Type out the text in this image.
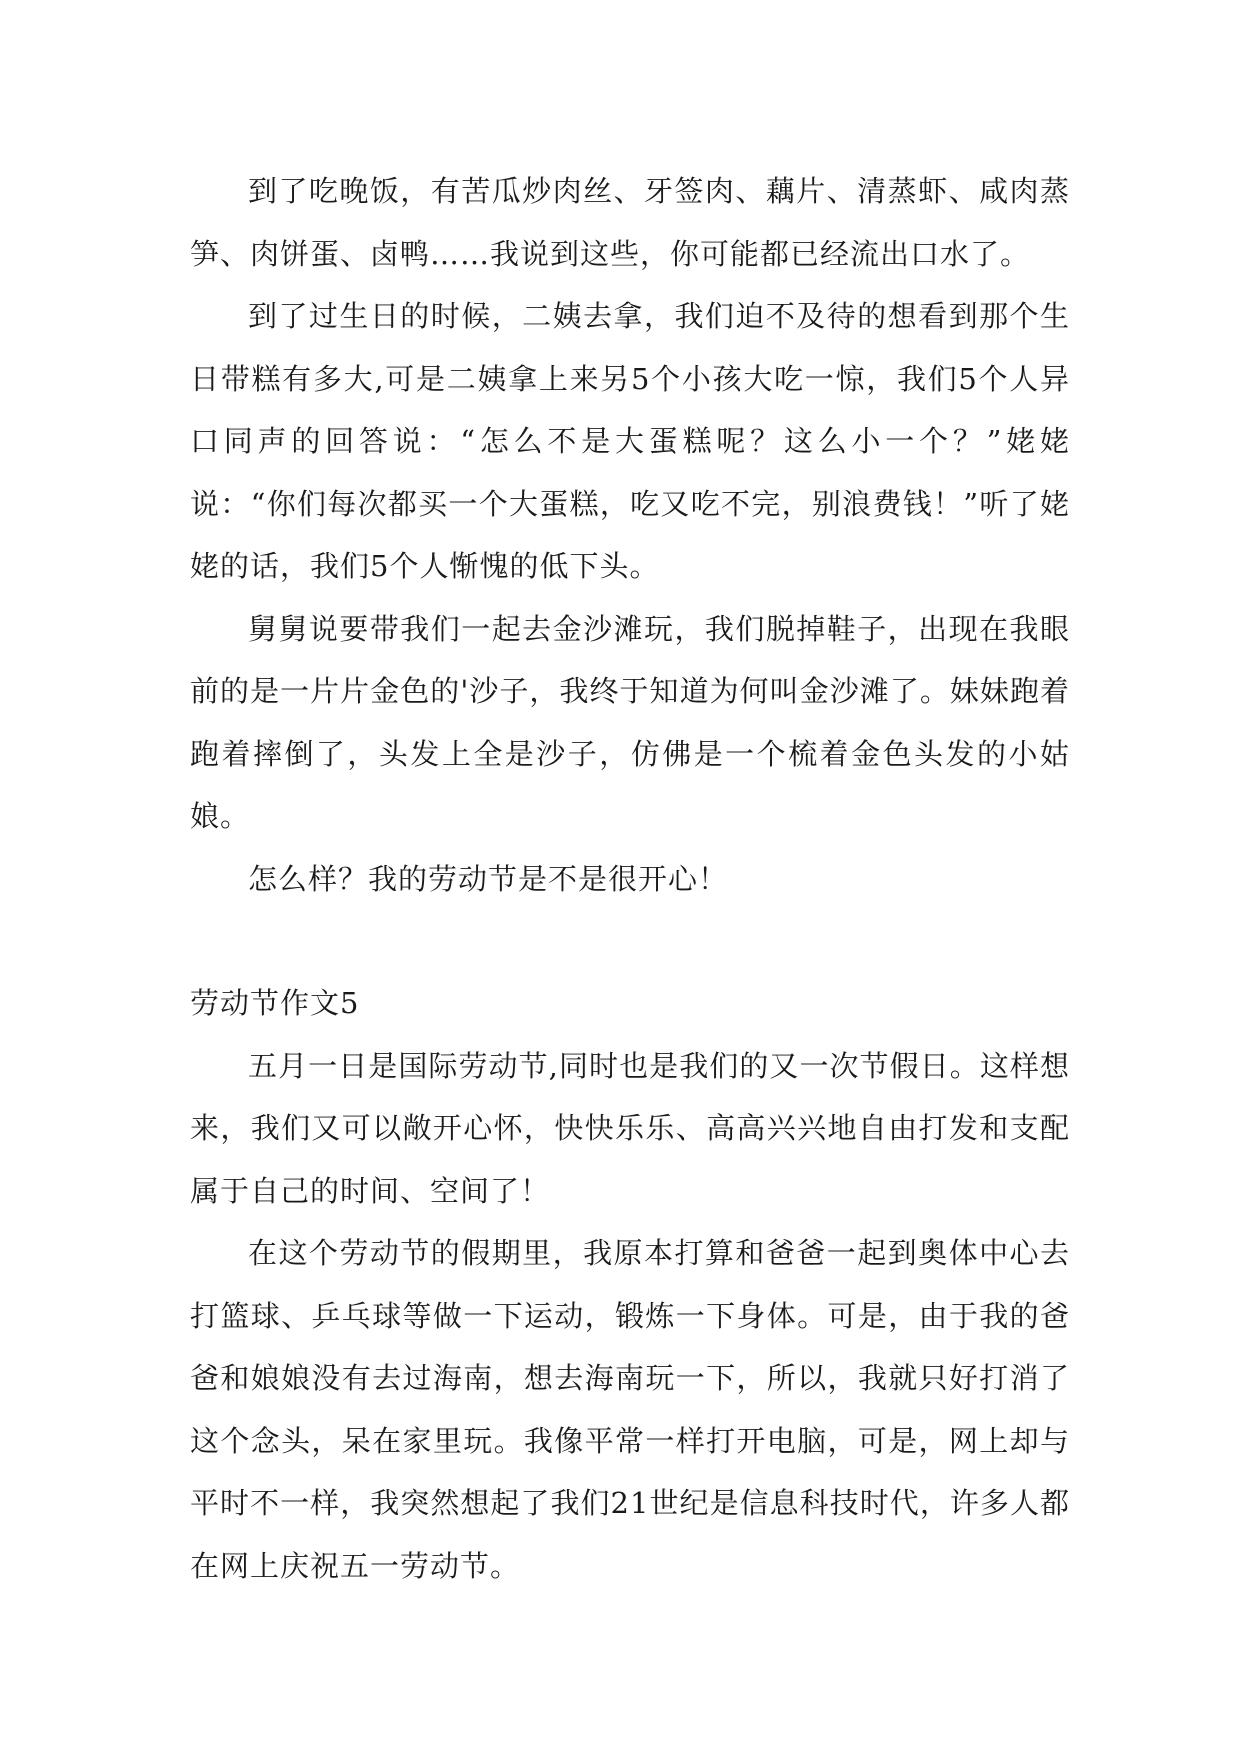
到了吃晚饭，有苦瓜炒肉丝、牙签肉、藕片、清蒸虾、咸肉蒸笋、肉饼蛋、卤鸭……我说到这些，你可能都已经流出口水了。

到了过生日的时候，二姨去拿，我们迫不及待的想看到那个生日带糕有多大,可是二姨拿上来另5个小孩大吃一惊，我们5个人异口同声的回答说：“怎么不是大蛋糕呢？这么小一个？”姥姥说：“你们每次都买一个大蛋糕，吃又吃不完，别浪费钱！”听了姥姥的话，我们5个人惭愧的低下头。

舅舅说要带我们一起去金沙滩玩，我们脱掉鞋子，出现在我眼前的是一片片金色的'沙子，我终于知道为何叫金沙滩了。妹妹跑着跑着摔倒了，头发上全是沙子，仿佛是一个梳着金色头发的小姑娘。

怎么样？我的劳动节是不是很开心！

劳动节作文5

五月一日是国际劳动节,同时也是我们的又一次节假日。这样想来，我们又可以敞开心怀，快快乐乐、高高兴兴地自由打发和支配属于自己的时间、空间了！

在这个劳动节的假期里，我原本打算和爸爸一起到奥体中心去打篮球、乒乓球等做一下运动，锻炼一下身体。可是，由于我的爸爸和娘娘没有去过海南，想去海南玩一下，所以，我就只好打消了这个念头，呆在家里玩。我像平常一样打开电脑，可是，网上却与平时不一样，我突然想起了我们21世纪是信息科技时代，许多人都在网上庆祝五一劳动节。
